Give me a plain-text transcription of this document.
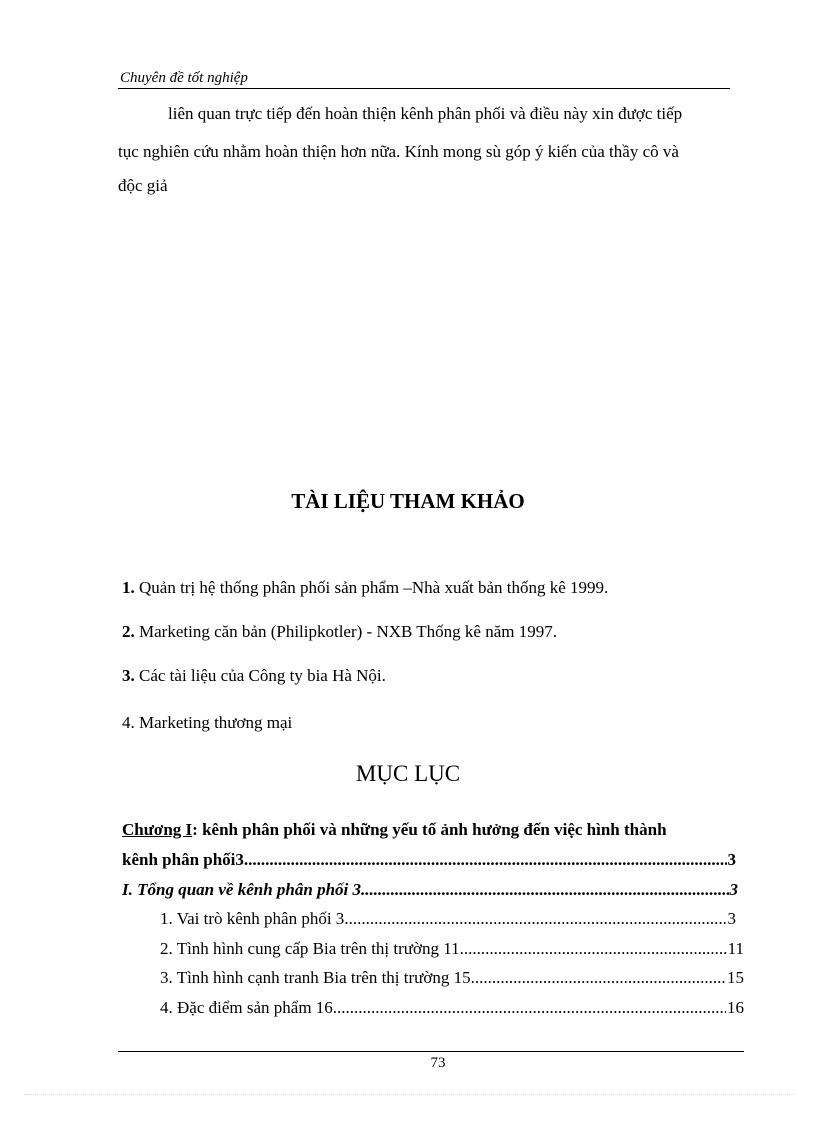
Chuyên đề tốt nghiệp
liên quan trực tiếp đến hoàn thiện kênh phân phối và điều này xin được tiếp
tục nghiên cứu nhằm hoàn thiện hơn nữa. Kính mong sù góp ý kiến của thầy cô và
độc giả
TÀI LIỆU THAM KHẢO
1. Quản trị hệ thống phân phối sản phẩm –Nhà xuất bản thống kê 1999.
2. Marketing căn bản (Philipkotler) - NXB Thống kê năm 1997.
3. Các tài liệu của Công ty bia Hà Nội.
4. Marketing thương mại
MỤC LỤC
Chương I : kênh phân phối và những yếu tố ảnh hưởng đến việc hình thành
kênh phân phối3 .....	3
I. Tổng quan về kênh phân phối 3 .....	3
1. Vai trò kênh phân phối 3 .....	3
2. Tình hình cung cấp Bia trên thị trường 11 .....	11
3. Tình hình cạnh tranh Bia trên thị trường 15 .....	15
4. Đặc điểm sản phẩm 16 .....	16
73
